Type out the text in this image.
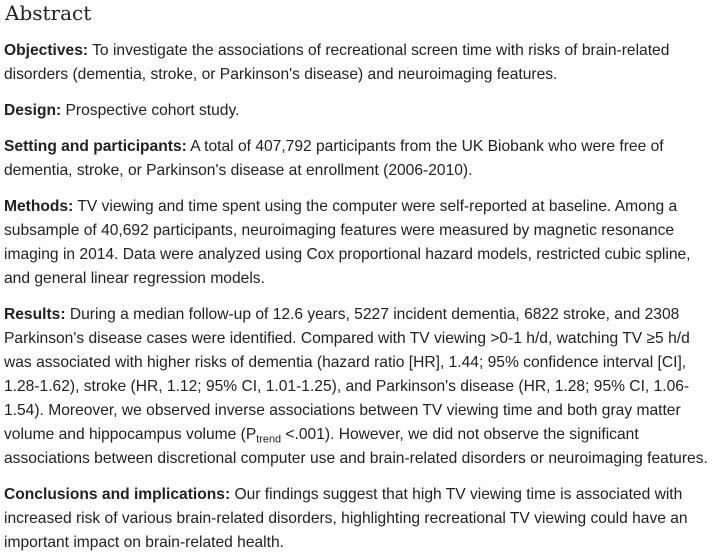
Abstract

Objectives: To investigate the associations of recreational screen time with risks of brain-related disorders (dementia, stroke, or Parkinson's disease) and neuroimaging features.

Design: Prospective cohort study.

Setting and participants: A total of 407,792 participants from the UK Biobank who were free of dementia, stroke, or Parkinson's disease at enrollment (2006-2010).

Methods: TV viewing and time spent using the computer were self-reported at baseline. Among a subsample of 40,692 participants, neuroimaging features were measured by magnetic resonance imaging in 2014. Data were analyzed using Cox proportional hazard models, restricted cubic spline, and general linear regression models.

Results: During a median follow-up of 12.6 years, 5227 incident dementia, 6822 stroke, and 2308 Parkinson's disease cases were identified. Compared with TV viewing >0-1 h/d, watching TV ≥5 h/d was associated with higher risks of dementia (hazard ratio [HR], 1.44; 95% confidence interval [CI], 1.28-1.62), stroke (HR, 1.12; 95% CI, 1.01-1.25), and Parkinson's disease (HR, 1.28; 95% CI, 1.06-1.54). Moreover, we observed inverse associations between TV viewing time and both gray matter volume and hippocampus volume $(P_{trend} <.001)$. However, we did not observe the significant associations between discretional computer use and brain-related disorders or neuroimaging features.

Conclusions and implications: Our findings suggest that high TV viewing time is associated with increased risk of various brain-related disorders, highlighting recreational TV viewing could have an important impact on brain-related health.
